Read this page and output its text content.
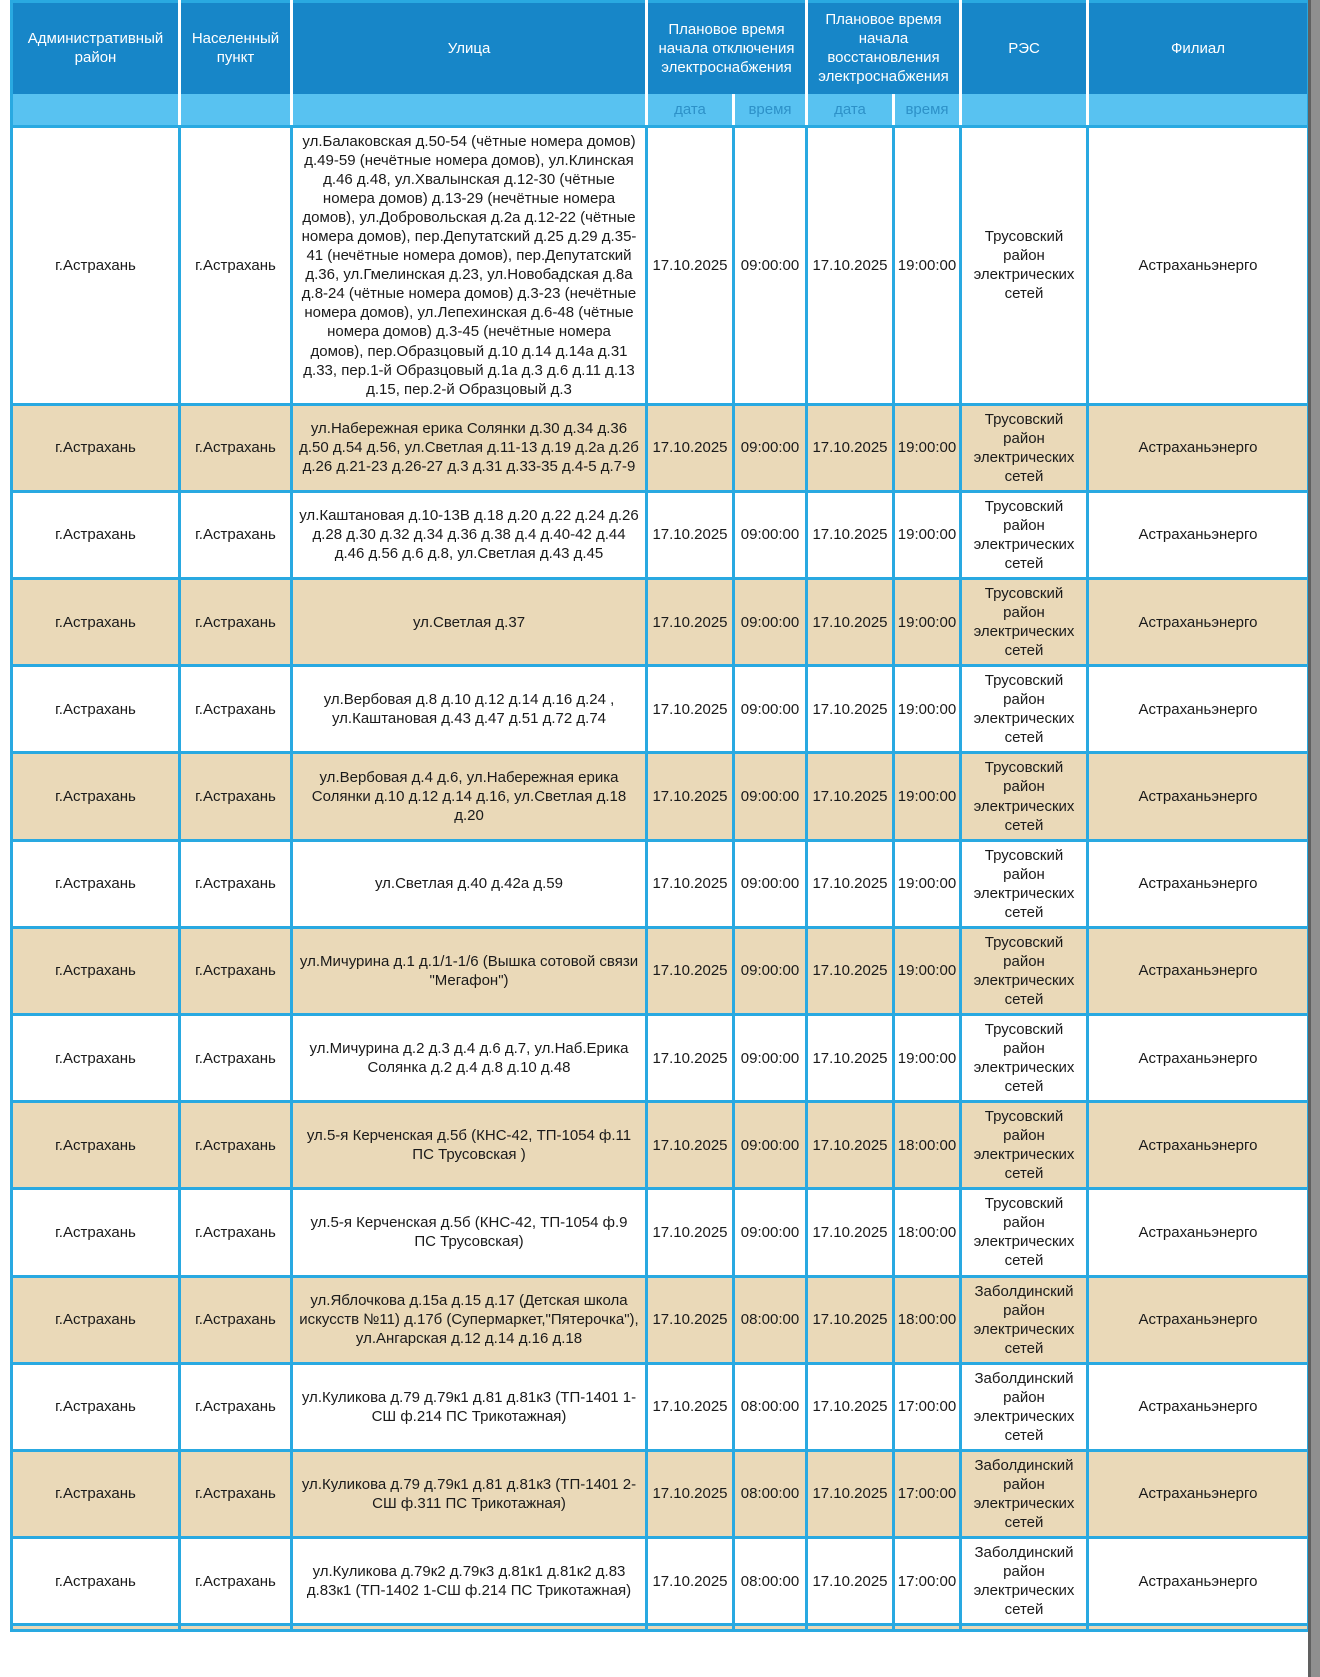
Административный район	Населенный пункт	Улица	Плановое время начала отключения электроснабжения		Плановое время начала восстановления электроснабжения		РЭС	Филиал
			дата	время	дата	время		
г.Астрахань	г.Астрахань	ул.Балаковская д.50-54 (чётные номера домов) д.49-59 (нечётные номера домов), ул.Клинская д.46 д.48, ул.Хвалынская д.12-30 (чётные номера домов) д.13-29 (нечётные номера домов), ул.Добровольская д.2а д.12-22 (чётные номера домов), пер.Депутатский д.25 д.29 д.35-41 (нечётные номера домов), пер.Депутатский д.36, ул.Гмелинская д.23, ул.Новобадская д.8а д.8-24 (чётные номера домов) д.3-23 (нечётные номера домов), ул.Лепехинская д.6-48 (чётные номера домов) д.3-45 (нечётные номера домов), пер.Образцовый д.10 д.14 д.14а д.31 д.33, пер.1-й Образцовый д.1а д.3 д.6 д.11 д.13 д.15, пер.2-й Образцовый д.3	17.10.2025	09:00:00	17.10.2025	19:00:00	Трусовский район электрических сетей	Астраханьэнерго
г.Астрахань	г.Астрахань	ул.Набережная ерика Солянки д.30 д.34 д.36 д.50 д.54 д.56, ул.Светлая д.11-13 д.19 д.2а д.2б д.26 д.21-23 д.26-27 д.3 д.31 д.33-35 д.4-5 д.7-9	17.10.2025	09:00:00	17.10.2025	19:00:00	Трусовский район электрических сетей	Астраханьэнерго
г.Астрахань	г.Астрахань	ул.Каштановая д.10-13В д.18 д.20 д.22 д.24 д.26 д.28 д.30 д.32 д.34 д.36 д.38 д.4 д.40-42 д.44 д.46 д.56 д.6 д.8, ул.Светлая д.43 д.45	17.10.2025	09:00:00	17.10.2025	19:00:00	Трусовский район электрических сетей	Астраханьэнерго
г.Астрахань	г.Астрахань	ул.Светлая д.37	17.10.2025	09:00:00	17.10.2025	19:00:00	Трусовский район электрических сетей	Астраханьэнерго
г.Астрахань	г.Астрахань	ул.Вербовая д.8 д.10 д.12 д.14 д.16 д.24 , ул.Каштановая д.43 д.47 д.51 д.72 д.74	17.10.2025	09:00:00	17.10.2025	19:00:00	Трусовский район электрических сетей	Астраханьэнерго
г.Астрахань	г.Астрахань	ул.Вербовая д.4 д.6, ул.Набережная ерика Солянки д.10 д.12 д.14 д.16, ул.Светлая д.18 д.20	17.10.2025	09:00:00	17.10.2025	19:00:00	Трусовский район электрических сетей	Астраханьэнерго
г.Астрахань	г.Астрахань	ул.Светлая д.40 д.42а д.59	17.10.2025	09:00:00	17.10.2025	19:00:00	Трусовский район электрических сетей	Астраханьэнерго
г.Астрахань	г.Астрахань	ул.Мичурина д.1 д.1/1-1/6 (Вышка сотовой связи "Мегафон")	17.10.2025	09:00:00	17.10.2025	19:00:00	Трусовский район электрических сетей	Астраханьэнерго
г.Астрахань	г.Астрахань	ул.Мичурина д.2 д.3 д.4 д.6 д.7, ул.Наб.Ерика Солянка д.2 д.4 д.8 д.10 д.48	17.10.2025	09:00:00	17.10.2025	19:00:00	Трусовский район электрических сетей	Астраханьэнерго
г.Астрахань	г.Астрахань	ул.5-я Керченская д.5б (КНС-42, ТП-1054 ф.11 ПС Трусовская )	17.10.2025	09:00:00	17.10.2025	18:00:00	Трусовский район электрических сетей	Астраханьэнерго
г.Астрахань	г.Астрахань	ул.5-я Керченская д.5б (КНС-42, ТП-1054 ф.9 ПС Трусовская)	17.10.2025	09:00:00	17.10.2025	18:00:00	Трусовский район электрических сетей	Астраханьэнерго
г.Астрахань	г.Астрахань	ул.Яблочкова д.15а д.15 д.17 (Детская школа искусств №11) д.17б (Супермаркет,"Пятерочка"), ул.Ангарская д.12 д.14 д.16 д.18	17.10.2025	08:00:00	17.10.2025	18:00:00	Заболдинский район электрических сетей	Астраханьэнерго
г.Астрахань	г.Астрахань	ул.Куликова д.79 д.79к1 д.81 д.81к3 (ТП-1401 1-СШ ф.214 ПС Трикотажная)	17.10.2025	08:00:00	17.10.2025	17:00:00	Заболдинский район электрических сетей	Астраханьэнерго
г.Астрахань	г.Астрахань	ул.Куликова д.79 д.79к1 д.81 д.81к3 (ТП-1401 2-СШ ф.311 ПС Трикотажная)	17.10.2025	08:00:00	17.10.2025	17:00:00	Заболдинский район электрических сетей	Астраханьэнерго
г.Астрахань	г.Астрахань	ул.Куликова д.79к2 д.79к3 д.81к1 д.81к2 д.83 д.83к1 (ТП-1402 1-СШ ф.214 ПС Трикотажная)	17.10.2025	08:00:00	17.10.2025	17:00:00	Заболдинский район электрических сетей	Астраханьэнерго
